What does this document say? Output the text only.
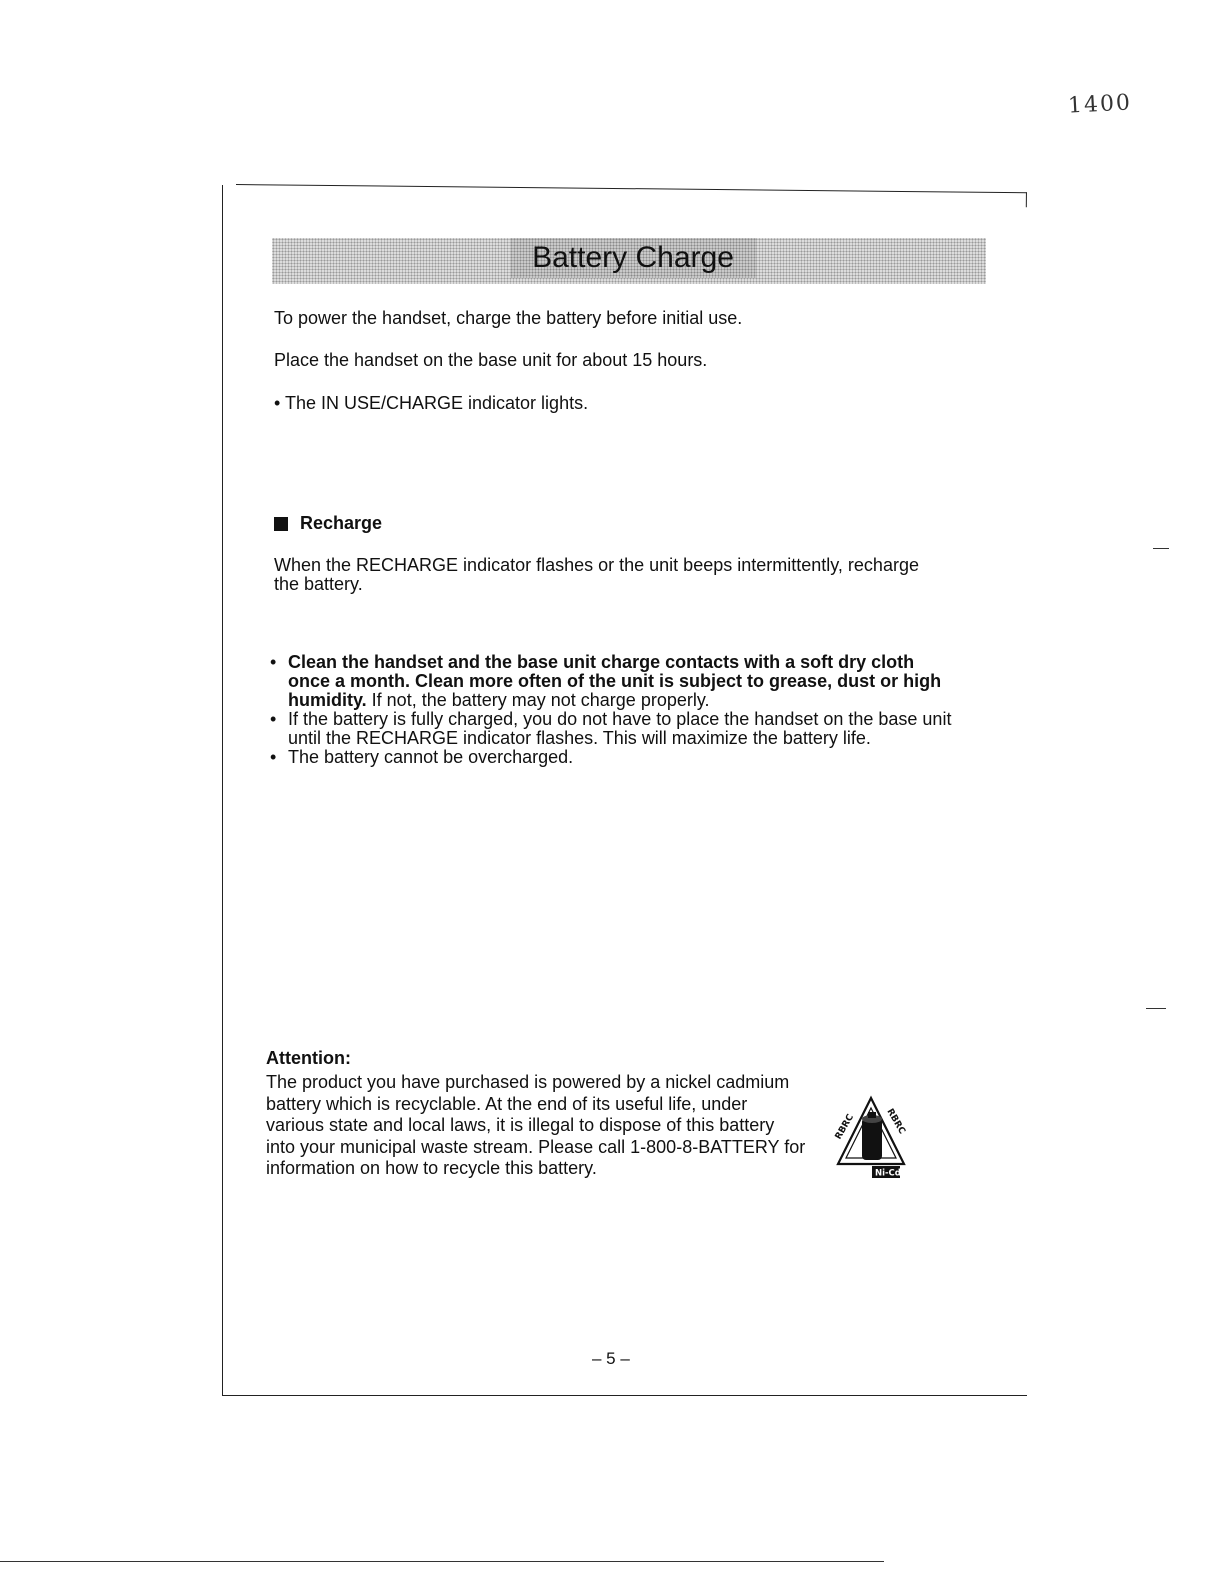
1400
Battery Charge
To power the handset, charge the battery before initial use.
Place the handset on the base unit for about 15 hours.
• The IN USE/CHARGE indicator lights.
Recharge
When the RECHARGE indicator flashes or the unit beeps intermittently, recharge the battery.
• Clean the handset and the base unit charge contacts with a soft dry cloth once a month. Clean more often of the unit is subject to grease, dust or high humidity. If not, the battery may not charge properly.
• If the battery is fully charged, you do not have to place the handset on the base unit until the RECHARGE indicator flashes. This will maximize the battery life.
• The battery cannot be overcharged.
Attention:
The product you have purchased is powered by a nickel cadmium battery which is recyclable. At the end of its useful life, under various state and local laws, it is illegal to dispose of this battery into your municipal waste stream. Please call 1-800-8-BATTERY for information on how to recycle this battery.
RBRC	RBRC
Ni-Cd
– 5 –
